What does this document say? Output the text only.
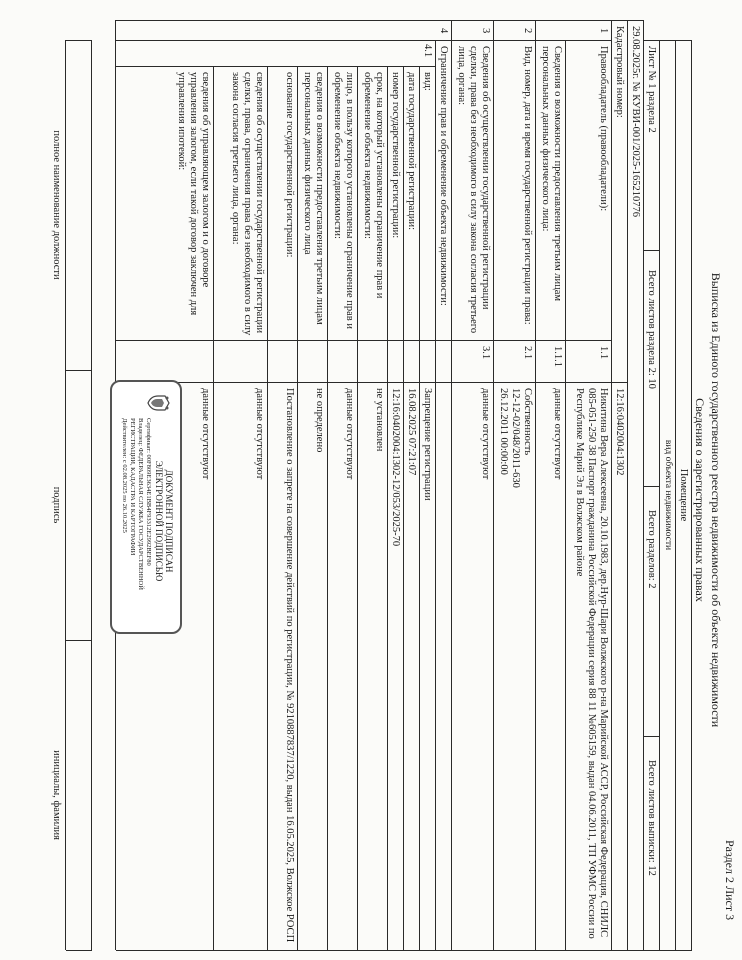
Раздел 2 Лист 3
Выписка из Единого государственного реестра недвижимости об объекте недвижимости
Сведения о зарегистрированных правах
Помещение
вид объекта недвижимости
Лист № 1 раздела 2
Всего листов раздела 2: 10
Всего разделов: 2
Всего листов выписки: 12
29.08.2025г. № КУВИ-001/2025-165210776
Кадастровый номер:
12:16:0402004:1302
1
Правообладатель (правообладатели):
1.1
Никитина Вера Алексеевна, 20.10.1983, дер.Нур-Шари Волжского р-на Марийской АССР, Российская Федерация, СНИЛС 085-051-250 38 Паспорт гражданина Российской Федерации серия 88 11 №605159, выдан 04.06.2011, ТП УФМС России по Республике Марий Эл в Волжском районе
Сведения о возможности предоставления третьим лицам персональных данных физического лица:
1.1.1
данные отсутствуют
2
Вид, номер, дата и время государственной регистрации права:
2.1
Собственность
12-12-02/048/2011-630
26.12.2011 00:00:00
3
Сведения об осуществлении государственной регистрации сделки, права без необходимого в силу закона согласия третьего лица, органа:
3.1
данные отсутствуют
4
Ограничение прав и обременение объекта недвижимости:
4.1
вид:
Запрещение регистрации
дата государственной регистрации:
16.08.2025 07:21:07
номер государственной регистрации:
12:16:0402004:1302-12/053/2025-70
срок, на который установлены ограничение прав и обременение объекта недвижимости:
не установлен
лицо, в пользу которого установлены ограничение прав и обременение объекта недвижимости:
данные отсутствуют
сведения о возможности предоставления третьим лицам персональных данных физического лица
не определено
основание государственной регистрации:
Постановление о запрете на совершение действий по регистрации, № 9210887837/1220, выдан 16.05.2025, Волжское РОСП
сведения об осуществлении государственной регистрации сделки, права, ограничения права без необходимого в силу закона согласия третьего лица, органа:
данные отсутствуют
сведения об управляющем залогом и о договоре управления залогом, если такой договор заключен для управления ипотекой:
данные отсутствуют
ДОКУМЕНТ ПОДПИСАН
ЭЛЕКТРОННОЙ ПОДПИСЬЮ
Сертификат: 00F809E3634E1BB4F93312E2992BEF80
Владелец: ФЕДЕРАЛЬНАЯ СЛУЖБА ГОСУДАРСТВЕННОЙ
РЕГИСТРАЦИИ, КАДАСТРА И КАРТОГРАФИИ
Действителен: с 02.08.2025 по 26.10.2025
полное наименование должности
подпись
инициалы, фамилия
